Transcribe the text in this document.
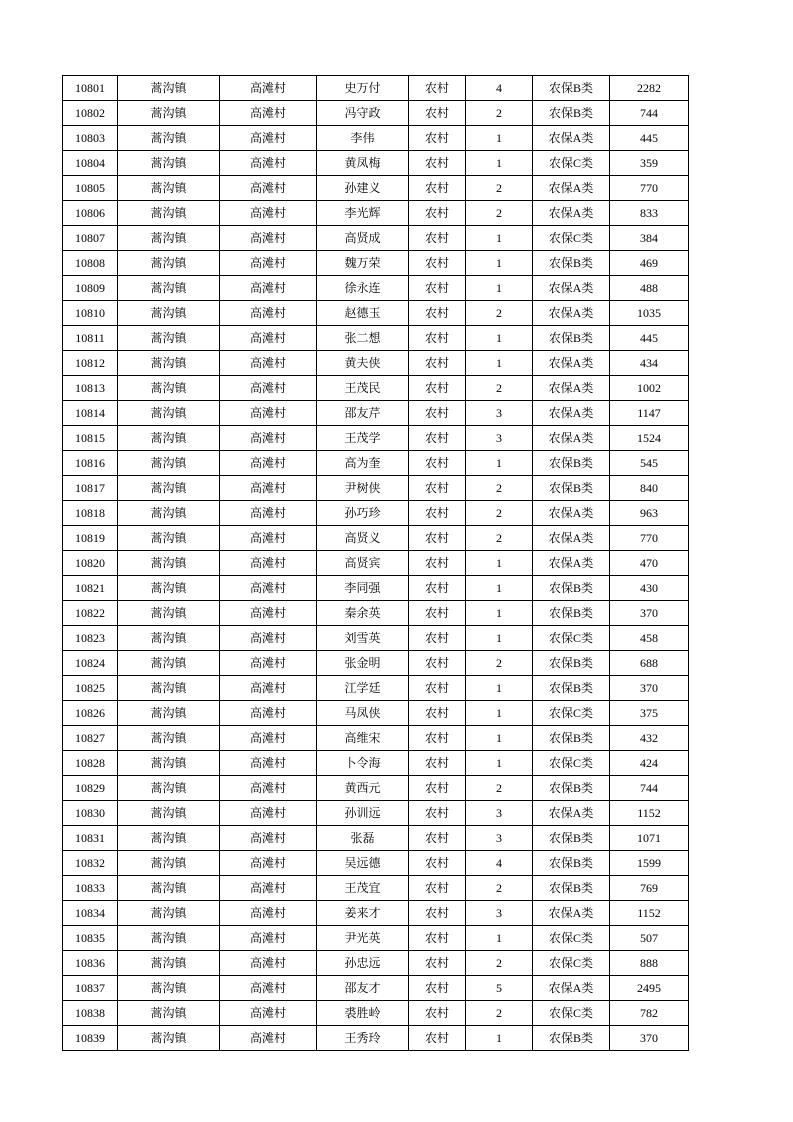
10801	蒿沟镇	高滩村	史万付	农村	4	农保B类	2282
10802	蒿沟镇	高滩村	冯守政	农村	2	农保B类	744
10803	蒿沟镇	高滩村	李伟	农村	1	农保A类	445
10804	蒿沟镇	高滩村	黄凤梅	农村	1	农保C类	359
10805	蒿沟镇	高滩村	孙建义	农村	2	农保A类	770
10806	蒿沟镇	高滩村	李光辉	农村	2	农保A类	833
10807	蒿沟镇	高滩村	高贤成	农村	1	农保C类	384
10808	蒿沟镇	高滩村	魏万荣	农村	1	农保B类	469
10809	蒿沟镇	高滩村	徐永连	农村	1	农保A类	488
10810	蒿沟镇	高滩村	赵德玉	农村	2	农保A类	1035
10811	蒿沟镇	高滩村	张二想	农村	1	农保B类	445
10812	蒿沟镇	高滩村	黄夫侠	农村	1	农保A类	434
10813	蒿沟镇	高滩村	王茂民	农村	2	农保A类	1002
10814	蒿沟镇	高滩村	邵友芹	农村	3	农保A类	1147
10815	蒿沟镇	高滩村	王茂学	农村	3	农保A类	1524
10816	蒿沟镇	高滩村	高为奎	农村	1	农保B类	545
10817	蒿沟镇	高滩村	尹树侠	农村	2	农保B类	840
10818	蒿沟镇	高滩村	孙巧珍	农村	2	农保A类	963
10819	蒿沟镇	高滩村	高贤义	农村	2	农保A类	770
10820	蒿沟镇	高滩村	高贤宾	农村	1	农保A类	470
10821	蒿沟镇	高滩村	李同强	农村	1	农保B类	430
10822	蒿沟镇	高滩村	秦余英	农村	1	农保B类	370
10823	蒿沟镇	高滩村	刘雪英	农村	1	农保C类	458
10824	蒿沟镇	高滩村	张金明	农村	2	农保B类	688
10825	蒿沟镇	高滩村	江学廷	农村	1	农保B类	370
10826	蒿沟镇	高滩村	马凤侠	农村	1	农保C类	375
10827	蒿沟镇	高滩村	高维宋	农村	1	农保B类	432
10828	蒿沟镇	高滩村	卜令海	农村	1	农保C类	424
10829	蒿沟镇	高滩村	黄西元	农村	2	农保B类	744
10830	蒿沟镇	高滩村	孙训远	农村	3	农保A类	1152
10831	蒿沟镇	高滩村	张磊	农村	3	农保B类	1071
10832	蒿沟镇	高滩村	吴远德	农村	4	农保B类	1599
10833	蒿沟镇	高滩村	王茂宜	农村	2	农保B类	769
10834	蒿沟镇	高滩村	姜来才	农村	3	农保A类	1152
10835	蒿沟镇	高滩村	尹光英	农村	1	农保C类	507
10836	蒿沟镇	高滩村	孙忠远	农村	2	农保C类	888
10837	蒿沟镇	高滩村	邵友才	农村	5	农保A类	2495
10838	蒿沟镇	高滩村	裘胜岭	农村	2	农保C类	782
10839	蒿沟镇	高滩村	王秀玲	农村	1	农保B类	370
